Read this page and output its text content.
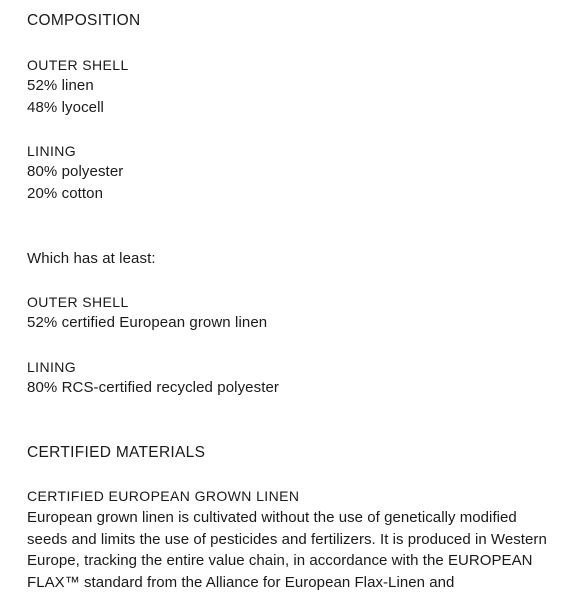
COMPOSITION
OUTER SHELL
52% linen
48% lyocell
LINING
80% polyester
20% cotton
Which has at least:
OUTER SHELL
52% certified European grown linen
LINING
80% RCS-certified recycled polyester
CERTIFIED MATERIALS
CERTIFIED EUROPEAN GROWN LINEN
European grown linen is cultivated without the use of genetically modified seeds and limits the use of pesticides and fertilizers. It is produced in Western Europe, tracking the entire value chain, in accordance with the EUROPEAN FLAX™ standard from the Alliance for European Flax-Linen and
